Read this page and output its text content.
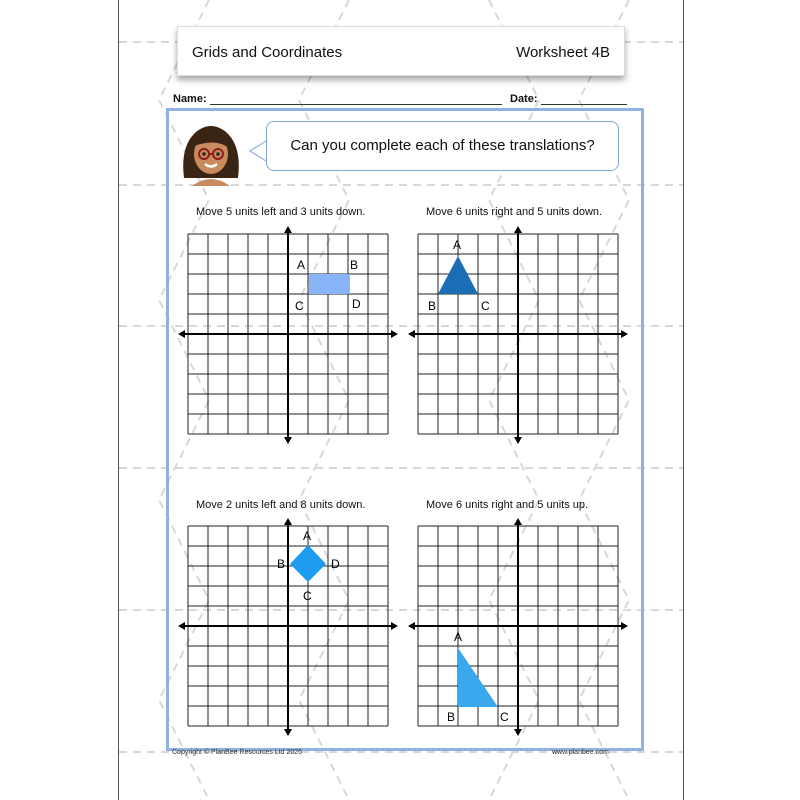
Grids and Coordinates	Worksheet 4B
Name:	Date:
Can you complete each of these translations?
Move 5 units left and 3 units down.	Move 6 units right and 5 units down.
Move 2 units left and 8 units down.	Move 6 units right and 5 units up.
A	B
C	D
A
B	C
A
B
C
D
A
B	C
Copyright © PlanBee Resources Ltd 2026	www.planbee.com
